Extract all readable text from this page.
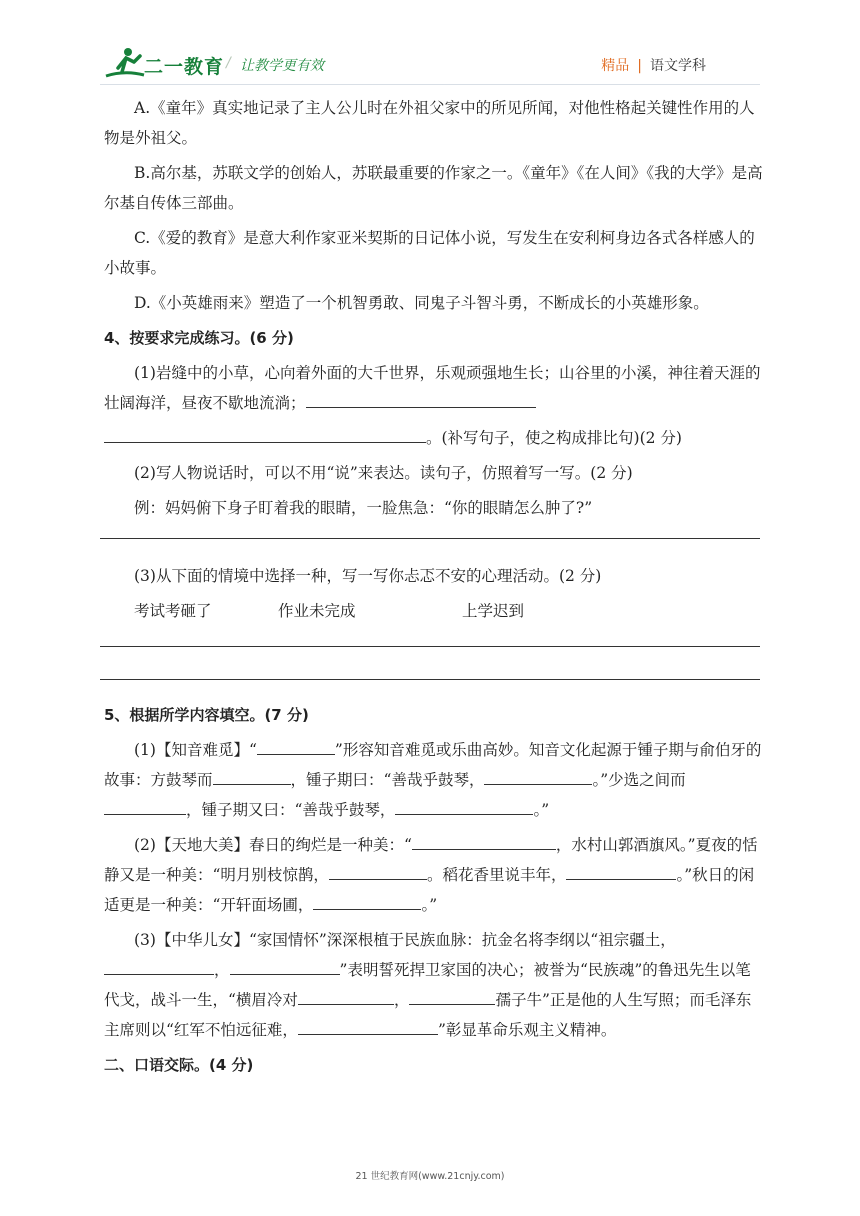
二一教育 / 让教学更有效	精品 | 语文学科

A.《童年》真实地记录了主人公儿时在外祖父家中的所见所闻，对他性格起关键性作用的人物是外祖父。

B.高尔基，苏联文学的创始人，苏联最重要的作家之一。《童年》《在人间》《我的大学》是高尔基自传体三部曲。

C.《爱的教育》是意大利作家亚米契斯的日记体小说，写发生在安利柯身边各式各样感人的小故事。

D.《小英雄雨来》塑造了一个机智勇敢、同鬼子斗智斗勇，不断成长的小英雄形象。

4、按要求完成练习。(6 分)

(1)岩缝中的小草，心向着外面的大千世界，乐观顽强地生长；山谷里的小溪，神往着天涯的壮阔海洋，昼夜不歇地流淌；

。(补写句子，使之构成排比句)(2 分)

(2)写人物说话时，可以不用“说”来表达。读句子，仿照着写一写。(2 分)

例：妈妈俯下身子盯着我的眼睛，一脸焦急：“你的眼睛怎么肿了?”

(3)从下面的情境中选择一种，写一写你忐忑不安的心理活动。(2 分)

考试考砸了	作业未完成	上学迟到
5、根据所学内容填空。(7 分)

(1)【知音难觅】“	”形容知音难觅或乐曲高妙。知音文化起源于锺子期与俞伯牙的故事：方鼓琴而	，锺子期曰：“善哉乎鼓琴，	。”少选之间而，锺子期又曰：“善哉乎鼓琴，	。”

(2)【天地大美】春日的绚烂是一种美：“	，水村山郭酒旗风。”夏夜的恬静又是一种美：“明月别枝惊鹊，	。稻花香里说丰年，	。”秋日的闲适更是一种美：“开轩面场圃，	。”

(3)【中华儿女】“家国情怀”深深根植于民族血脉：抗金名将李纲以“祖宗疆土，，	”表明誓死捍卫家国的决心；被誉为“民族魂”的鲁迅先生以笔代戈，战斗一生，“横眉冷对	，	孺子牛”正是他的人生写照；而毛泽东主席则以“红军不怕远征难，	”彰显革命乐观主义精神。

二、口语交际。(4 分)
21 世纪教育网(www.21cnjy.com)
